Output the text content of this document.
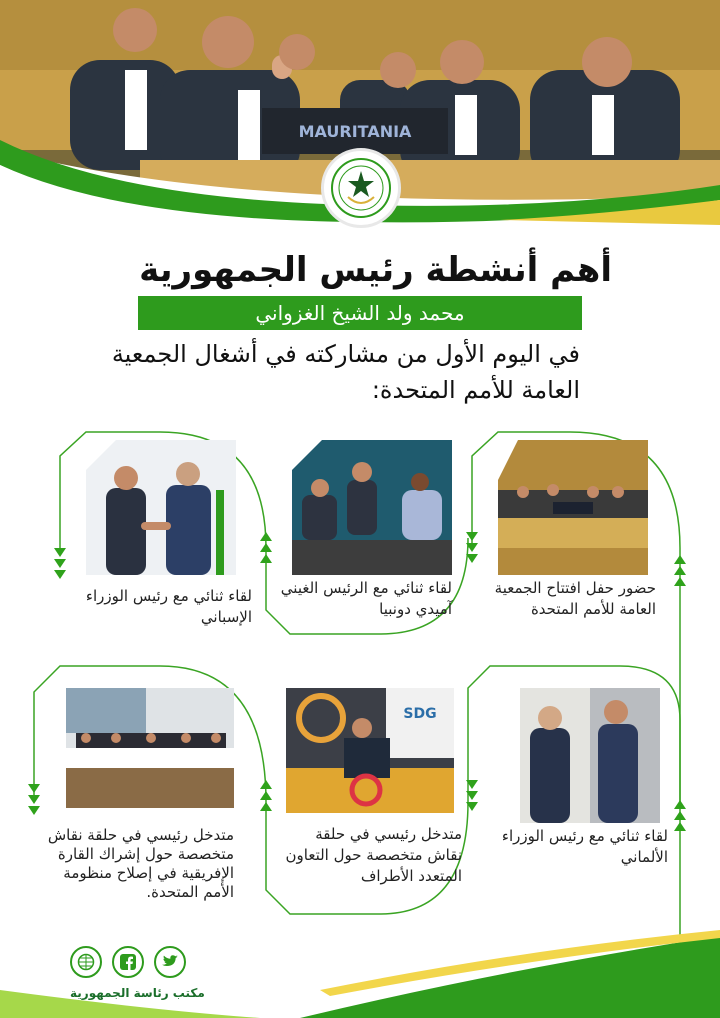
MAURITANIA
أهم أنشطة رئيس الجمهورية
محمد ولد الشيخ الغزواني
في اليوم الأول من مشاركته في أشغال الجمعية العامة للأمم المتحدة:
حضور حفل افتتاح الجمعية العامة للأمم المتحدة
لقاء ثنائي مع الرئيس الغيني آميدي دونبيا
لقاء ثنائي مع رئيس الوزراء الإسباني
لقاء ثنائي مع رئيس الوزراء الألماني
SDG
متدخل رئيسي في حلقة نقاش متخصصة حول التعاون المتعدد الأطراف
متدخل رئيسي في حلقة نقاش متخصصة حول إشراك القارة الإفريقية في إصلاح منظومة الأمم المتحدة.
مكتب رئاسة الجمهورية
